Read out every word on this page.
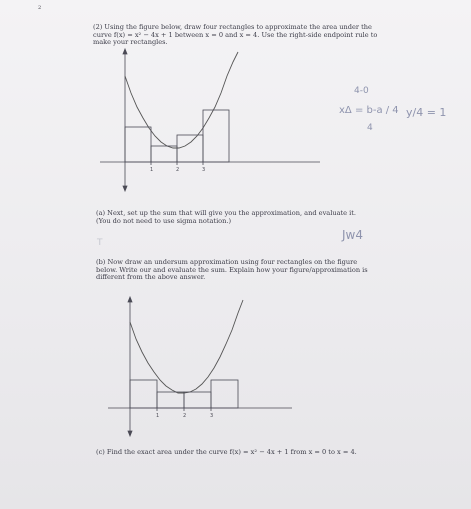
2
(2) Using the figure below, draw four rectangles to approximate the area under the curve f(x) = x² − 4x + 1 between x = 0 and x = 4. Use the right-side endpoint rule to make your rectangles.
1	2	3
4-0
xΔ = b-a / 4
4
y/4 = 1
(a) Next, set up the sum that will give you the approximation, and evaluate it. (You do not need to use sigma notation.)
T
Jw4
(b) Now draw an undersum approximation using four rectangles on the figure below. Write our and evaluate the sum. Explain how your figure/approximation is different from the above answer.
1	2	3
(c) Find the exact area under the curve f(x) = x² − 4x + 1 from x = 0 to x = 4.
